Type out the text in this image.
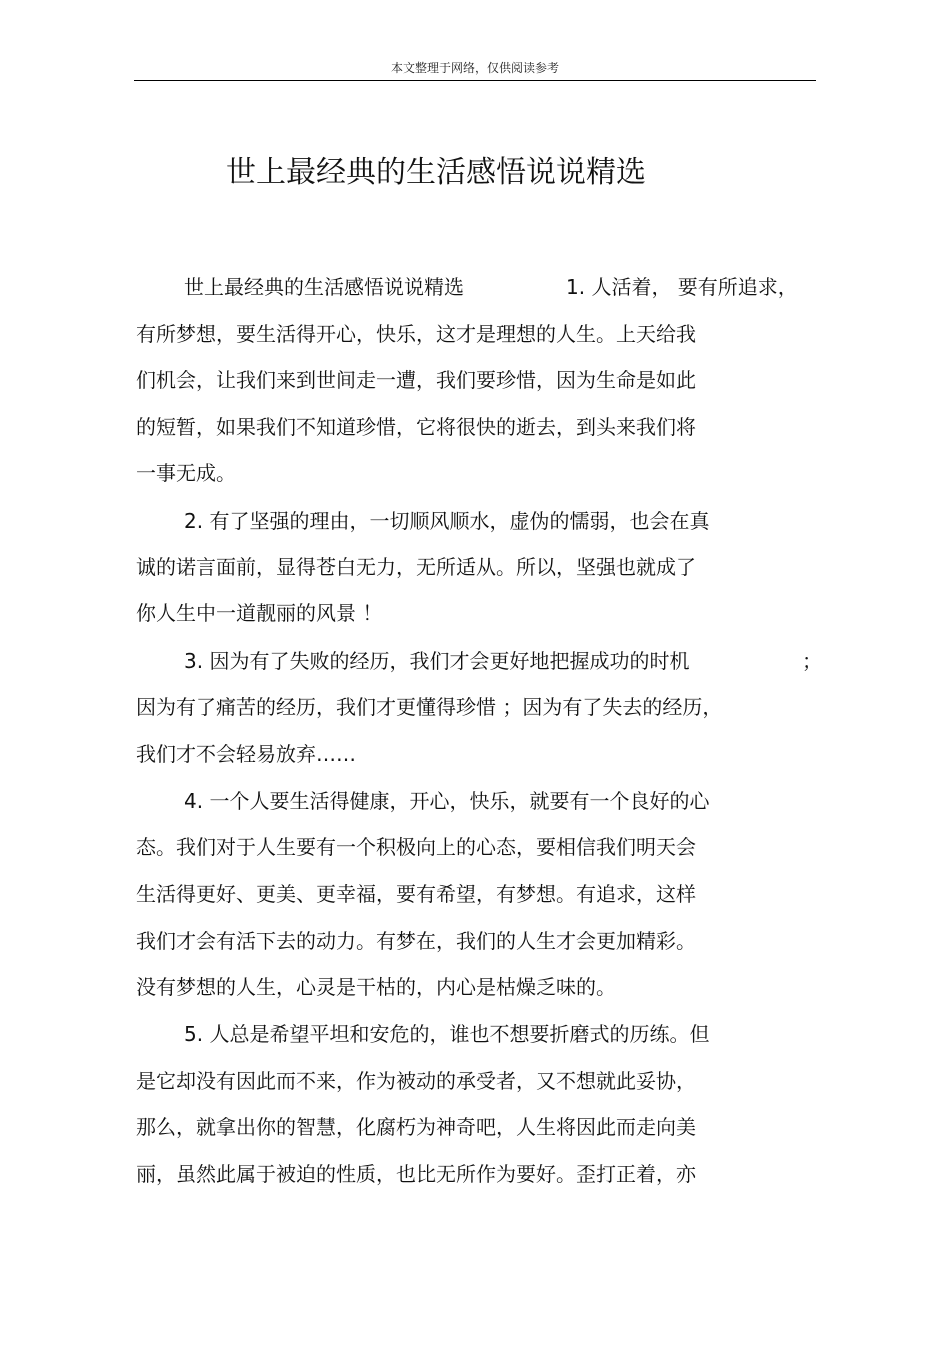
本文整理于网络，仅供阅读参考
世上最经典的生活感悟说说精选
世上最经典的生活感悟说说精选	1. 人活着， 要有所追求，
有所梦想，要生活得开心，快乐，这才是理想的人生。上天给我
们机会，让我们来到世间走一遭，我们要珍惜，因为生命是如此
的短暂，如果我们不知道珍惜，它将很快的逝去，到头来我们将
一事无成。
2. 有了坚强的理由，一切顺风顺水，虚伪的懦弱，也会在真
诚的诺言面前，显得苍白无力，无所适从。所以，坚强也就成了
你人生中一道靓丽的风景 ！
3. 因为有了失败的经历，我们才会更好地把握成功的时机	；
因为有了痛苦的经历，我们才更懂得珍惜 ；因为有了失去的经历，
我们才不会轻易放弃……
4. 一个人要生活得健康，开心，快乐，就要有一个良好的心
态。我们对于人生要有一个积极向上的心态，要相信我们明天会
生活得更好、更美、更幸福，要有希望，有梦想。有追求，这样
我们才会有活下去的动力。有梦在，我们的人生才会更加精彩。
没有梦想的人生，心灵是干枯的，内心是枯燥乏味的。
5. 人总是希望平坦和安危的，谁也不想要折磨式的历练。但
是它却没有因此而不来，作为被动的承受者，又不想就此妥协，
那么，就拿出你的智慧，化腐朽为神奇吧，人生将因此而走向美
丽，虽然此属于被迫的性质，也比无所作为要好。歪打正着，亦
